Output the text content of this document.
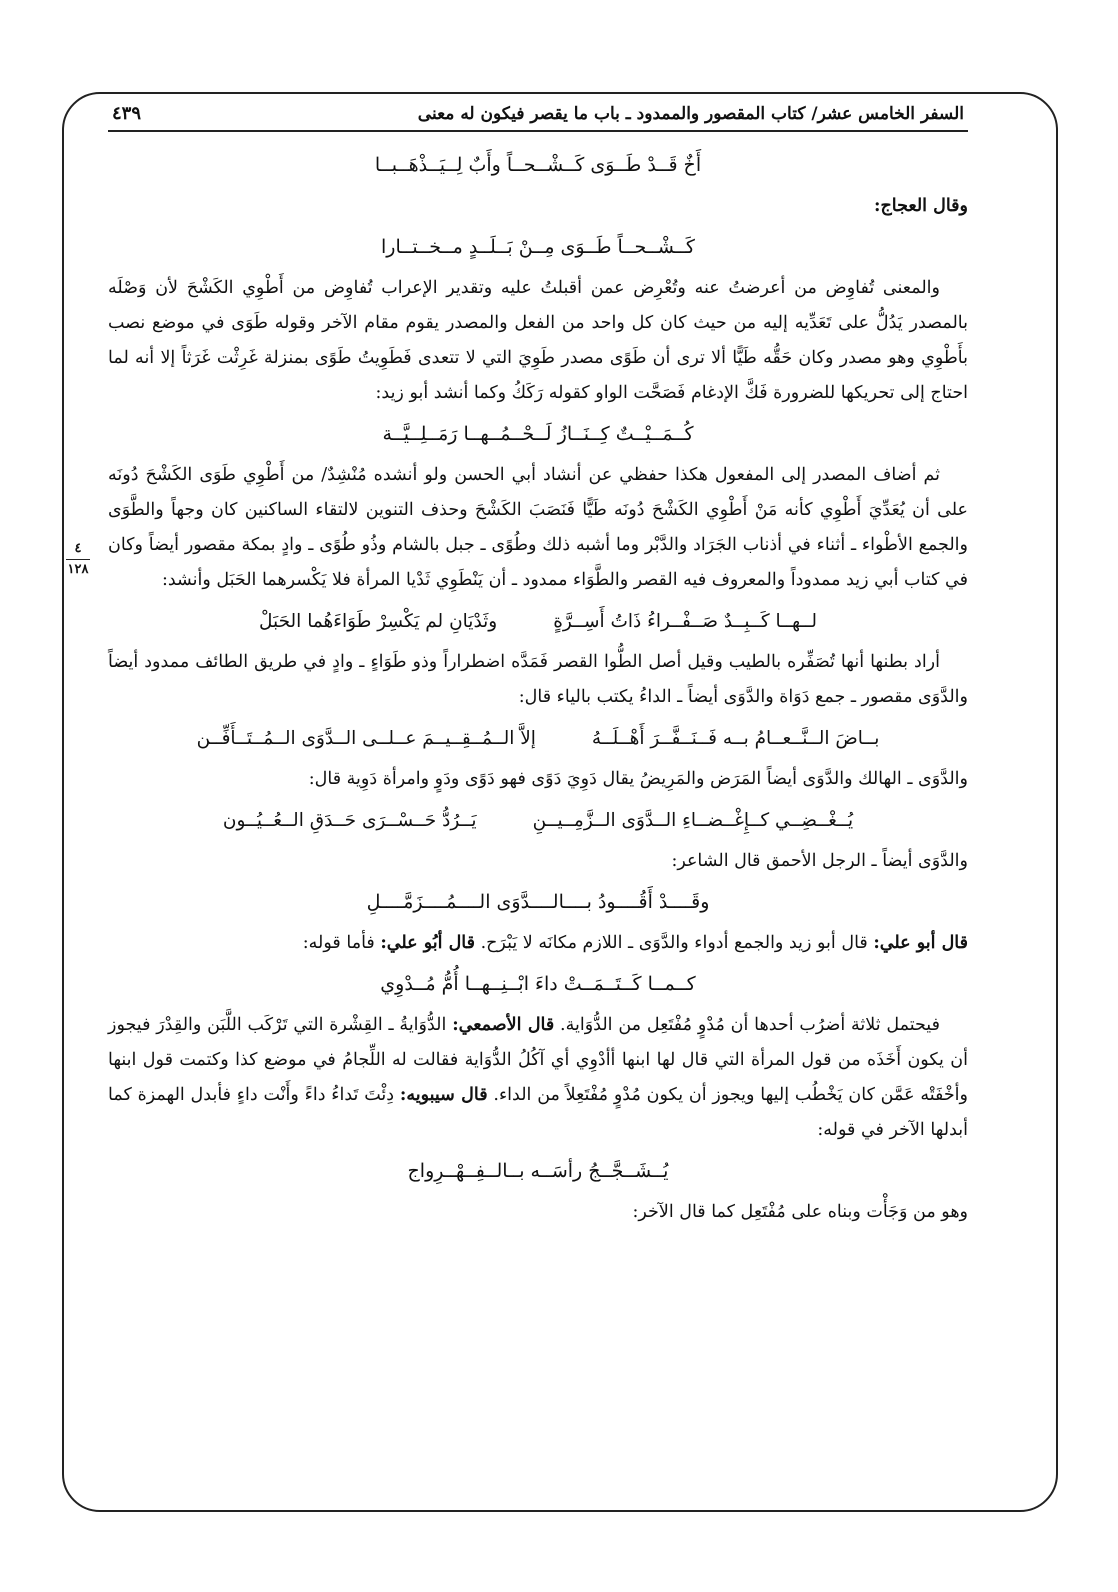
٤
١٢٨
السفر الخامس عشر/ كتاب المقصور والممدود ـ باب ما يقصر فيكون له معنى
٤٣٩
أَخٌ قَــدْ طَــوَى كَــشْــحــاً وأَبٌ لِــيَــذْهَــبــا

وقال العجاج:

كَــشْــحــاً طَــوَى مِــنْ بَــلَــدٍ مــخــتــارا

والمعنى تُفاوِض من أعرضتُ عنه وتُعْرِض عمن أقبلتُ عليه وتقدير الإعراب تُفاوِض من أَطْوِي الكَشْحَ لأن وَصْلَه بالمصدر يَدُلُّ على تَعَدِّيه إليه من حيث كان كل واحد من الفعل والمصدر يقوم مقام الآخر وقوله طَوَى في موضع نصب بأَطْوِي وهو مصدر وكان حَقُّه طَيًّا ألا ترى أن طَوًى مصدر طَوِيَ التي لا تتعدى فَطَوِيتُ طَوًى بمنزلة غَرِثْت غَرَثاً إلا أنه لما احتاج إلى تحريكها للضرورة فَكَّ الإدغام فَصَحَّت الواو كقوله رَكَكُ وكما أنشد أبو زيد:

كُــمَــيْــتٌ كِــنَــازُ لَــحْــمُــهــا رَمَــلِــيَّــة

ثم أضاف المصدر إلى المفعول هكذا حفظي عن أنشاد أبي الحسن ولو أنشده مُنْشِدٌ/ من أَطْوِي طَوَى الكَشْحَ دُونَه على أن يُعَدِّيَ أَطْوِي كأنه مَنْ أَطْوِي الكَشْحَ دُونَه طَيًّا فَنَصَبَ الكَشْحَ وحذف التنوين لالتقاء الساكنين كان وجهاً والطَّوَى والجمع الأطْواء ـ أثناء في أذناب الجَرَاد والدَّبْر وما أشبه ذلك وطُوًى ـ جبل بالشام وذُو طُوًى ـ وادٍ بمكة مقصور أيضاً وكان في كتاب أبي زيد ممدوداً والمعروف فيه القصر والطَّوَاء ممدود ـ أن يَنْطَوِي ثَدْيا المرأة فلا يَكْسرهما الحَبَل وأنشد:

لــهــا كَــبِــدٌ صَــفْــراءُ ذَاتُ أَسِــرَّةٍ
وثَدْيَانِ لم يَكْسِرْ طَوَاءَهُما الحَبَلْ

أراد بطنها أنها تُصَفِّره بالطيب وقيل أصل الطُّوا القصر فَمَدَّه اضطراراً وذو طَوَاءٍ ـ وادٍ في طريق الطائف ممدود أيضاً والدَّوَى مقصور ـ جمع دَوَاة والدَّوَى أيضاً ـ الداءُ يكتب بالياء قال:

بــاضَ الــنَّــعــامُ بــه فَــنَــفَّــرَ أَهْــلَــهُ
إلاَّ الــمُــقِــيــمَ عــلــى الــدَّوَى الــمُــتَــأَفِّــن

والدَّوَى ـ الهالك والدَّوَى أيضاً المَرَض والمَرِيضُ يقال دَوِيَ دَوًى فهو دَوًى ودَوٍ وامرأة دَوِية قال:

يُــغْــضِــي كــإِغْــضــاءِ الــدَّوَى الــزَّمِــيــنِ
يَــرُدُّ حَــسْــرَى حَــدَقِ الــعُــيُــون

والدَّوَى أيضاً ـ الرجل الأحمق قال الشاعر:

وقَــــدْ أَقُــــودُ بــــالــــدَّوَى الــــمُــــزَمَّــــلِ

قال أبو علي: قال أبو زيد والجمع أدواء والدَّوَى ـ اللازم مكانَه لا يَبْرَح. قال أبُو علي: فأما قوله:

كــمــا كَــتَــمَــتْ داءَ ابْــنِــهــا أُمُّ مُــدْوِي

فيحتمل ثلاثة أضرُب أحدها أن مُدْوٍ مُفْتَعِل من الدُّوَاية. قال الأصمعي: الدُّوَايةُ ـ القِشْرة التي تَرْكَب اللَّبَن والقِدْرَ فيجوز أن يكون أَخَذَه من قول المرأة التي قال لها ابنها أأدْوِي أي آكُلُ الدُّوَاية فقالت له اللِّجامُ في موضع كذا وكتمت قول ابنها وأخْفَتْه عَمَّن كان يَخْطُب إليها ويجوز أن يكون مُدْوٍ مُفْتَعِلاً من الداء. قال سيبويه: دِئْتَ تَداءُ داءً وأَنْت داءٍ فأبدل الهمزة كما أبدلها الآخر في قوله:

يُــشَــجَّــجُ رأسَــه بــالــفِــهْــرِواج

وهو من وَجَأْت وبناه على مُفْتَعِل كما قال الآخر:
